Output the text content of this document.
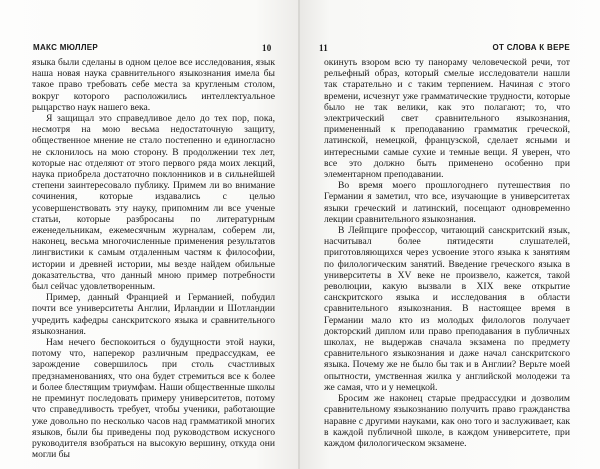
МАКС МЮЛЛЕР	10

языка были сделаны в одном целое все исследования, язык наша новая наука сравнительного языкознания имела бы такое право требовать себе места за кругленым столом, вокруг которого расположились интеллектуальное рыцарство наук нашего века.

Я защищал это справедливое дело до тех пор, пока, несмотря на мою весьма недостаточную защиту, общественное мнение не стало постепенно и единогласно не склонилось на мою сторону. В продолжении тех лет, которые нас отделяют от этого первого ряда моих лекций, наука приобрела достаточно поклонников и в сильнейшей степени заинтересовало публику. Примем ли во внимание сочинения, которые издавались с целью усовершенствовать эту науку, припомним ли все ученые статьи, которые разбросаны по литературным еженедельникам, ежемесячным журналам, соберем ли, наконец, весьма многочисленные применения результатов лингвистики к самым отдаленным частям к философии, истории и древней истории, мы везде найдем обильные доказательства, что данный мною пример потребности был сейчас удовлетворенным.

Пример, данный Францией и Германией, побудил почти все университеты Англии, Ирландии и Шотландии учредить кафедры санскритского языка и сравнительного языкознания.

Нам нечего беспокоиться о будущности этой науки, потому что, наперекор различным предрассудкам, ее зарождение совершилось при столь счастливых предзнаменованиях, что она будет стремиться все к более и более блестящим триумфам. Наши общественные школы не преминут последовать примеру университетов, потому что справедливость требует, чтобы ученики, работающие уже довольно по несколько часов над грамматикой многих языков, были бы приведены под руководством искусного руководителя взобраться на высокую вершину, откуда они могли бы

11	ОТ СЛОВА К ВЕРЕ

окинуть взором всю ту панораму человеческой речи, тот рельефный образ, который смелые исследователи нашли так старательно и с таким терпением. Начиная с этого времени, исчезнут уже грамматические трудности, которые было не так велики, как это полагают; то, что электрический свет сравнительного языкознания, примененный к преподаванию грамматик греческой, латинской, немецкой, французской, сделает ясными и интересными самые сухие и темные вещи. Я уверен, что все это должно быть применено особенно при элементарном преподавании.

Во время моего прошлогоднего путешествия по Германии я заметил, что все, изучающие в университетах языки греческий и латинский, посещают одновременно лекции сравнительного языкознания.

В Лейпциге профессор, читающий санскритский язык, насчитывал более пятидесяти слушателей, приготовляющихся через усвоение этого языка к занятиям по филологическим занятий. Введение греческого языка в университеты в XV веке не произвело, кажется, такой революции, какую вызвали в XIX веке открытие санскритского языка и исследования в области сравнительного языкознания. В настоящее время в Германии мало кто из молодых филологов получает докторский диплом или право преподавания в публичных школах, не выдержав сначала экзамена по предмету сравнительного языкознания и даже начал санскритского языка. Почему же не было бы так и в Англии? Верьте моей опытности, умственная жилка у английской молодежи та же самая, что и у немецкой.

Бросим же наконец старые предрассудки и дозволим сравнительному языкознанию получить право гражданства наравне с другими науками, как оно того и заслуживает, как в каждой публичной школе, в каждом университете, при каждом филологическом экзамене.
